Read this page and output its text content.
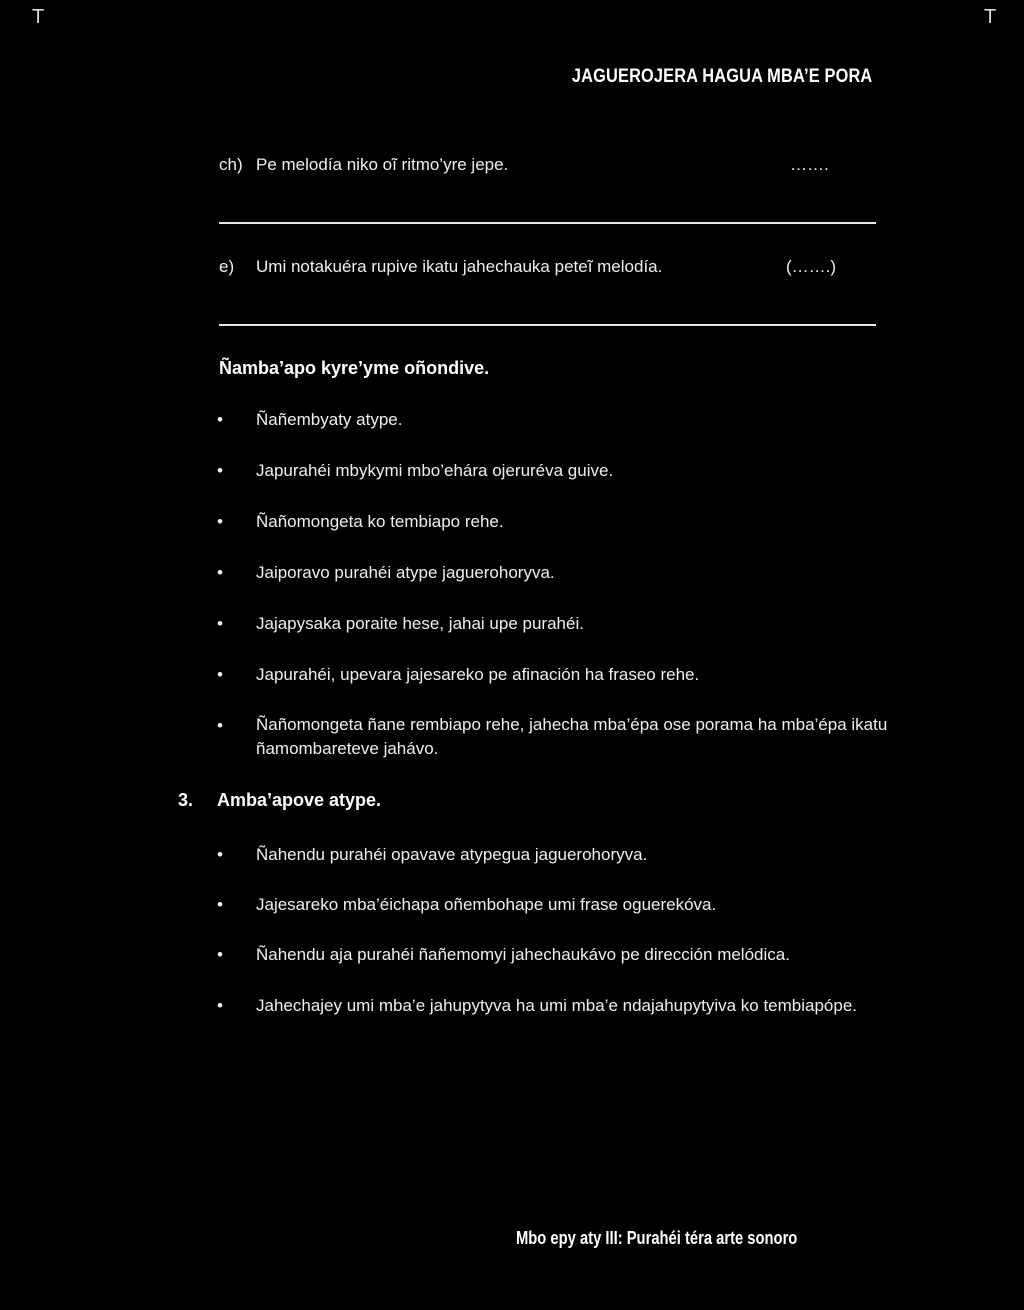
T	T
JAGUEROJERA HAGUA MBA’E PORA
ch) Pe melodía niko oĩ ritmo’yre jepe.	…….
e) Umi notakuéra rupive ikatu jahechauka peteĩ melodía.	(…….)
Ñamba’apo kyre’yme oñondive.
• Ñañembyaty atype.
• Japurahéi mbykymi mbo’ehára ojeruréva guive.
• Ñañomongeta ko tembiapo rehe.
• Jaiporavo purahéi atype jaguerohoryva.
• Jajapysaka poraite hese, jahai upe purahéi.
• Japurahéi, upevara jajesareko pe afinación ha fraseo rehe.
• Ñañomongeta ñane rembiapo rehe, jahecha mba’épa ose porama ha mba’épa ikatu ñamombareteve jahávo.
3. Amba’apove atype.
• Ñahendu purahéi opavave atypegua jaguerohoryva.
• Jajesareko mba’éichapa oñembohape umi frase oguerekóva.
• Ñahendu aja purahéi ñañemomyi jahechaukávo pe dirección melódica.
• Jahechajey umi mba’e jahupytyva ha umi mba’e ndajahupytyiva ko tembiapópe.
Mbo epy aty III: Purahéi téra arte sonoro
